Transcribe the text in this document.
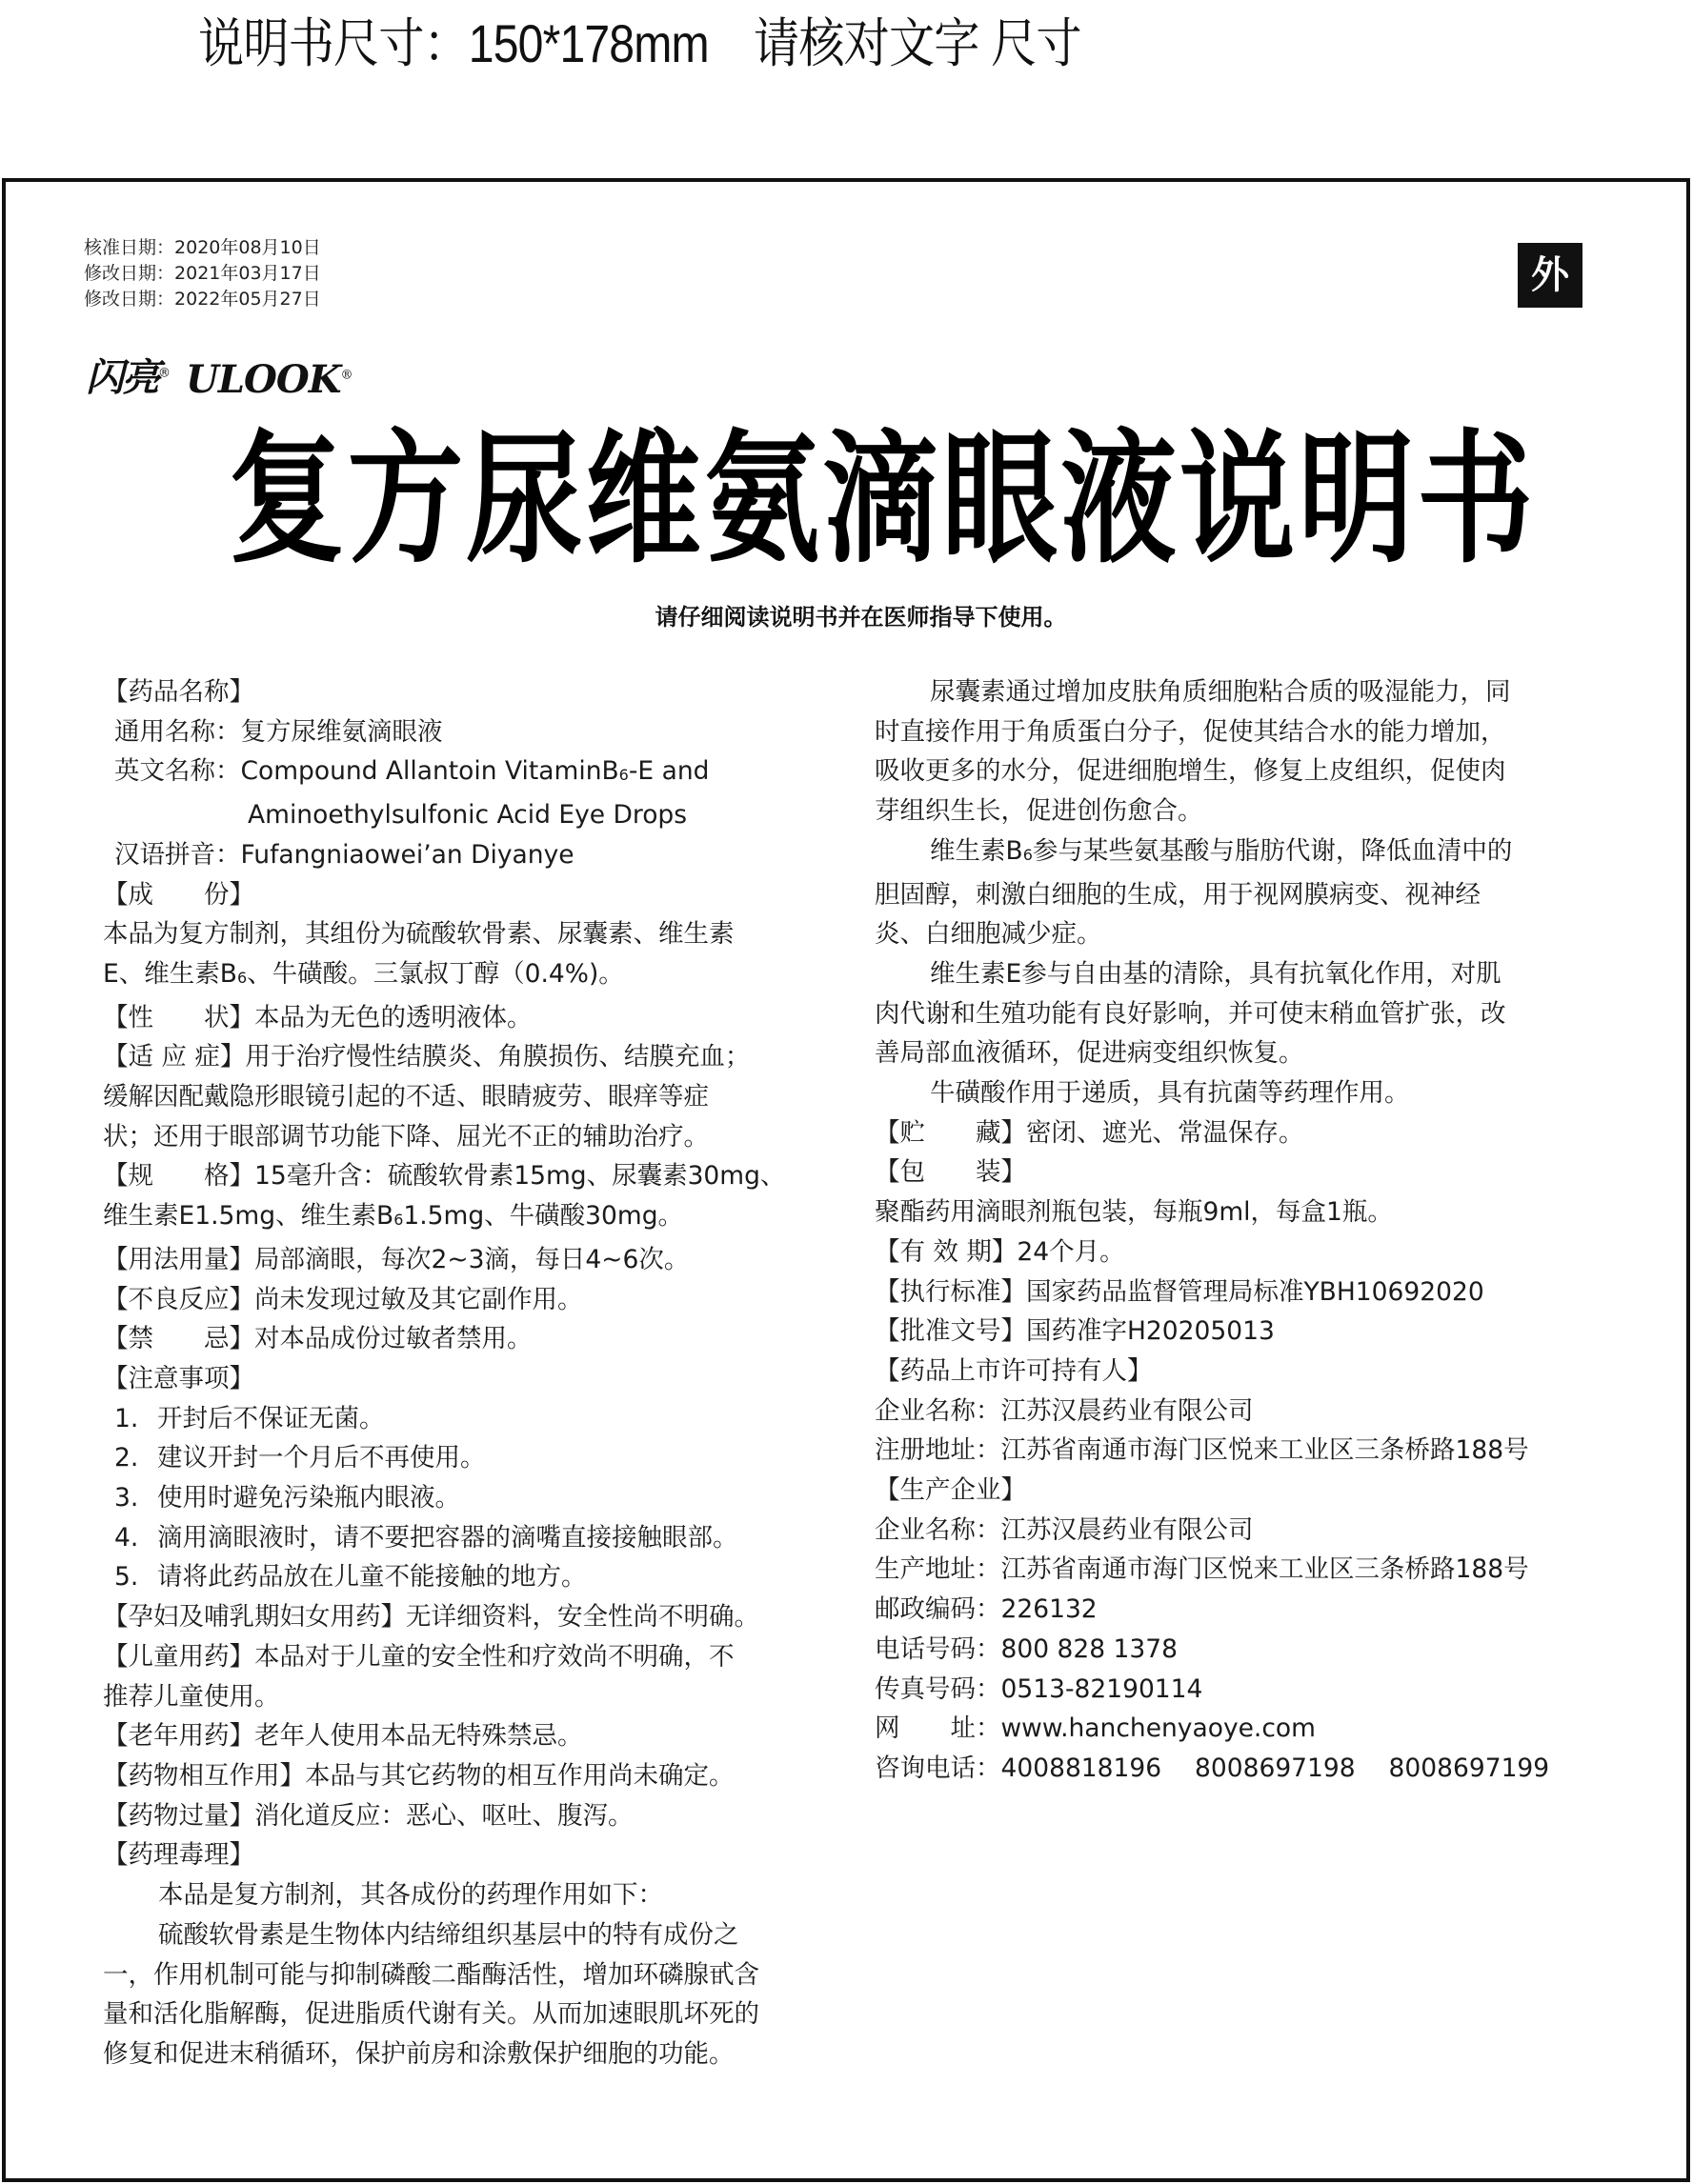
说明书尺寸：150*178mm　请核对文字 尺寸
核准日期：2020年08月10日
修改日期：2021年03月17日
修改日期：2022年05月27日
外
闪亮® ULOOK®
复方尿维氨滴眼液说明书
请仔细阅读说明书并在医师指导下使用。
【药品名称】
通用名称：复方尿维氨滴眼液
英文名称：Compound Allantoin VitaminB6-E and
Aminoethylsulfonic Acid Eye Drops
汉语拼音：Fufangniaowei’an Diyanye
【成　　份】
本品为复方制剂，其组份为硫酸软骨素、尿囊素、维生素
E、维生素B6、牛磺酸。三氯叔丁醇（0.4%)。
【性　　状】本品为无色的透明液体。
【适 应 症】用于治疗慢性结膜炎、角膜损伤、结膜充血；
缓解因配戴隐形眼镜引起的不适、眼睛疲劳、眼痒等症
状；还用于眼部调节功能下降、屈光不正的辅助治疗。
【规　　格】15毫升含：硫酸软骨素15mg、尿囊素30mg、
维生素E1.5mg、维生素B61.5mg、牛磺酸30mg。
【用法用量】局部滴眼，每次2~3滴，每日4~6次。
【不良反应】尚未发现过敏及其它副作用。
【禁　　忌】对本品成份过敏者禁用。
【注意事项】
1. 开封后不保证无菌。
2. 建议开封一个月后不再使用。
3. 使用时避免污染瓶内眼液。
4. 滴用滴眼液时，请不要把容器的滴嘴直接接触眼部。
5. 请将此药品放在儿童不能接触的地方。
【孕妇及哺乳期妇女用药】无详细资料，安全性尚不明确。
【儿童用药】本品对于儿童的安全性和疗效尚不明确，不
推荐儿童使用。
【老年用药】老年人使用本品无特殊禁忌。
【药物相互作用】本品与其它药物的相互作用尚未确定。
【药物过量】消化道反应：恶心、呕吐、腹泻。
【药理毒理】
本品是复方制剂，其各成份的药理作用如下：
硫酸软骨素是生物体内结缔组织基层中的特有成份之
一，作用机制可能与抑制磷酸二酯酶活性，增加环磷腺甙含
量和活化脂解酶，促进脂质代谢有关。从而加速眼肌坏死的
修复和促进末稍循环，保护前房和涂敷保护细胞的功能。
尿囊素通过增加皮肤角质细胞粘合质的吸湿能力，同
时直接作用于角质蛋白分子，促使其结合水的能力增加，
吸收更多的水分，促进细胞增生，修复上皮组织，促使肉
芽组织生长，促进创伤愈合。
维生素B6参与某些氨基酸与脂肪代谢，降低血清中的
胆固醇，刺激白细胞的生成，用于视网膜病变、视神经
炎、白细胞减少症。
维生素E参与自由基的清除，具有抗氧化作用，对肌
肉代谢和生殖功能有良好影响，并可使末稍血管扩张，改
善局部血液循环，促进病变组织恢复。
牛磺酸作用于递质，具有抗菌等药理作用。
【贮　　藏】密闭、遮光、常温保存。
【包　　装】
聚酯药用滴眼剂瓶包装，每瓶9ml，每盒1瓶。
【有 效 期】24个月。
【执行标准】国家药品监督管理局标准YBH10692020
【批准文号】国药准字H20205013
【药品上市许可持有人】
企业名称：江苏汉晨药业有限公司
注册地址：江苏省南通市海门区悦来工业区三条桥路188号
【生产企业】
企业名称：江苏汉晨药业有限公司
生产地址：江苏省南通市海门区悦来工业区三条桥路188号
邮政编码：226132
电话号码：800 828 1378
传真号码：0513-82190114
网　　址：www.hanchenyaoye.com
咨询电话：4008818196　 8008697198　 8008697199
